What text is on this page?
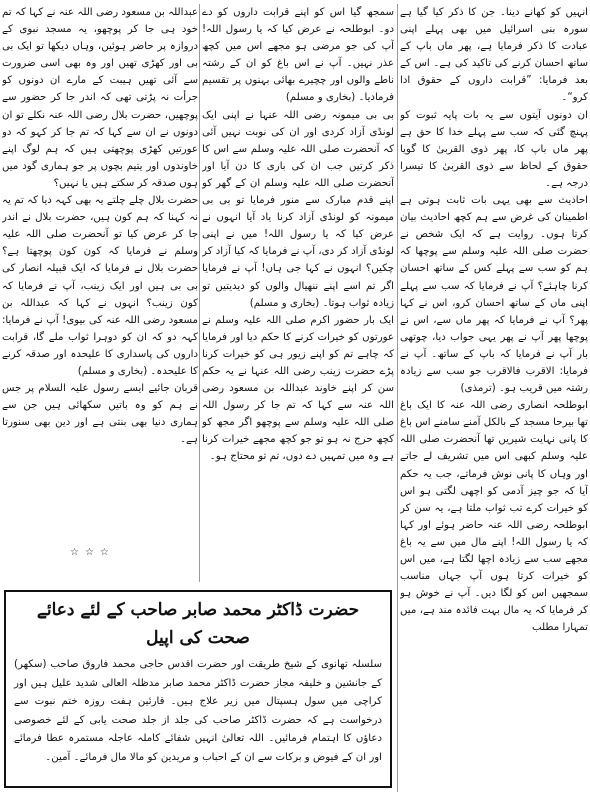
انہیں کو کھانے دینا۔ جن کا ذکر کیا گیا ہے سورہ بنی اسرائیل میں بھی پہلے اپنی عبادت کا ذکر فرمایا ہے، پھر ماں باپ کے ساتھ احسان کرنے کی تاکید کی ہے۔ اس کے بعد فرمایا: ”قرابت داروں کے حقوق ادا کرو“۔

ان دونوں آیتوں سے یہ بات پایہ ثبوت کو پہنچ گئی کہ سب سے پہلے خدا کا حق ہے پھر ماں باپ کا، پھر ذوی القربیٰ کا گویا حقوق کے لحاظ سے ذوی القربیٰ کا تیسرا درجہ ہے۔

احادیث سے بھی یہی بات ثابت ہوتی ہے اطمینان کی غرض سے ہم کچھ احادیث بیان کرتا ہوں۔ روایت ہے کہ ایک شخص نے حضرت صلی اللہ علیہ وسلم سے پوچھا کہ ہم کو سب سے پہلے کس کے ساتھ احسان کرنا چاہئے؟ آپ نے فرمایا کہ سب سے پہلے اپنی ماں کے ساتھ احسان کرو، اس نے کہا پھر؟ آپ نے فرمایا کہ پھر ماں سے، اس نے پوچھا پھر آپ نے پھر یہی جواب دیا، چوتھی بار آپ نے فرمایا کہ باپ کے ساتھ۔ آپ نے فرمایا: الاقرب فالاقرب جو سب سے زیادہ رشتہ میں قریب ہو۔ (ترمذی)

ابوطلحہ انصاری رضی اللہ عنہ کا ایک باغ تھا بیرحا مسجد کے بالکل آمنے سامنے اس باغ کا پانی نہایت شیریں تھا آنحضرت صلی اللہ علیہ وسلم کبھی اس میں تشریف لے جاتے اور وہاں کا پانی نوش فرماتے، جب یہ حکم آیا کہ جو چیز آدمی کو اچھی لگتی ہو اس کو خیرات کرے تب ثواب ملتا ہے، یہ سن کر ابوطلحہ رضی اللہ عنہ حاضر ہوئے اور کہا کہ یا رسول اللہ! اپنے مال میں سے یہ باغ مجھے سب سے زیادہ اچھا لگتا ہے، میں اس کو خیرات کرتا ہوں آپ جہاں مناسب سمجھیں اس کو لگا دیں۔ آپ نے خوش ہو کر فرمایا کہ یہ مال بہت فائدہ مند ہے، میں تمہارا مطلب

سمجھ گیا اس کو اپنے قرابت داروں کو دے دو۔ ابوطلحہ نے عرض کیا کہ یا رسول اللہ! آپ کی جو مرضی ہو مجھے اس میں کچھ عذر نہیں۔ آپ نے اس باغ کو ان کے رشتہ ناطے والوں اور چچیرے بھائی بہنوں پر تقسیم فرمادیا۔ (بخاری و مسلم)

بی بی میمونہ رضی اللہ عنہا نے اپنی ایک لونڈی آزاد کردی اور ان کی نوبت نہیں آئی کہ آنحضرت صلی اللہ علیہ وسلم سے اس کا ذکر کرتیں جب ان کی باری کا دن آیا اور آنحضرت صلی اللہ علیہ وسلم ان کے گھر کو اپنے قدم مبارک سے منور فرمایا تو بی بی میمونہ کو لونڈی آزاد کرنا یاد آیا انہوں نے عرض کیا کہ یا رسول اللہ! میں نے اپنی لونڈی آزاد کر دی، آپ نے فرمایا کہ کیا آزاد کر چکیں؟ انہوں نے کہا جی ہاں! آپ نے فرمایا اگر تم اسے اپنے ننھیال والوں کو دیدیتیں تو زیادہ ثواب ہوتا۔ (بخاری و مسلم)

ایک بار حضور اکرم صلی اللہ علیہ وسلم نے عورتوں کو خیرات کرنے کا حکم دیا اور فرمایا کہ چاہے تم کو اپنے زیور ہی کو خیرات کرنا پڑے حضرت زینب رضی اللہ عنہا نے یہ حکم سن کر اپنے خاوند عبداللہ بن مسعود رضی اللہ عنہ سے کہا کہ تم جا کر رسول اللہ صلی اللہ علیہ وسلم سے پوچھو اگر مجھ کو کچھ حرج نہ ہو تو جو کچھ مجھے خیرات کرنا ہے وہ میں تمہیں دے دوں، تم تو محتاج ہو۔

عبداللہ بن مسعود رضی اللہ عنہ نے کہا کہ تم خود ہی جا کر پوچھو، یہ مسجد نبوی کے دروازہ پر حاضر ہوئیں، وہاں دیکھا تو ایک بی بی اور کھڑی تھیں اور وہ بھی اسی ضرورت سے آئی تھیں ہیبت کے مارے ان دونوں کو جرأت نہ پڑتی تھی کہ اندر جا کر حضور سے پوچھیں، حضرت بلال رضی اللہ عنہ نکلے تو ان دونوں نے ان سے کہا کہ تم جا کر کہو کہ دو عورتیں کھڑی پوچھتی ہیں کہ ہم لوگ اپنے خاوندوں اور یتیم بچوں پر جو ہماری گود میں ہوں صدقہ کر سکتے ہیں یا نہیں؟

حضرت بلال چلے چلتے یہ بھی کہہ دیا کہ تم یہ نہ کہنا کہ ہم کون ہیں، حضرت بلال نے اندر جا کر عرض کیا تو آنحضرت صلی اللہ علیہ وسلم نے فرمایا کہ کون کون پوچھتا ہے؟ حضرت بلال نے فرمایا کہ ایک قبیلہ انصار کی بی بی ہیں اور ایک زینب، آپ نے فرمایا کہ کون زینب؟ انہوں نے کہا کہ عبداللہ بن مسعود رضی اللہ عنہ کی بیوی! آپ نے فرمایا: کہہ دو کہ ان کو دوہرا ثواب ملے گا، قرابت داروں کی پاسداری کا علیحدہ اور صدقہ کرنے کا علیحدہ۔ (بخاری و مسلم)

قربان جائیے ایسے رسول علیہ السلام پر جس نے ہم کو وہ باتیں سکھائی ہیں جن سے ہماری دنیا بھی بنتی ہے اور دین بھی سنورتا ہے۔

☆☆☆
حضرت ڈاکٹر محمد صابر صاحب کے لئے دعائے صحت کی اپیل

سلسلہ تھانوی کے شیخ طریقت اور حضرت اقدس حاجی محمد فاروق صاحب (سکھر) کے جانشین و خلیفہ مجاز حضرت ڈاکٹر محمد صابر مدظلہ العالی شدید علیل ہیں اور کراچی میں سول ہسپتال میں زیر علاج ہیں۔ قارئین ہفت روزہ ختم نبوت سے درخواست ہے کہ حضرت ڈاکٹر صاحب کی جلد از جلد صحت یابی کے لئے خصوصی دعاؤں کا اہتمام فرمائیں۔ اللہ تعالیٰ انہیں شفائے کاملہ عاجلہ مستمرہ عطا فرمائے اور ان کے فیوض و برکات سے ان کے احباب و مریدین کو مالا مال فرمائے۔ آمین۔
